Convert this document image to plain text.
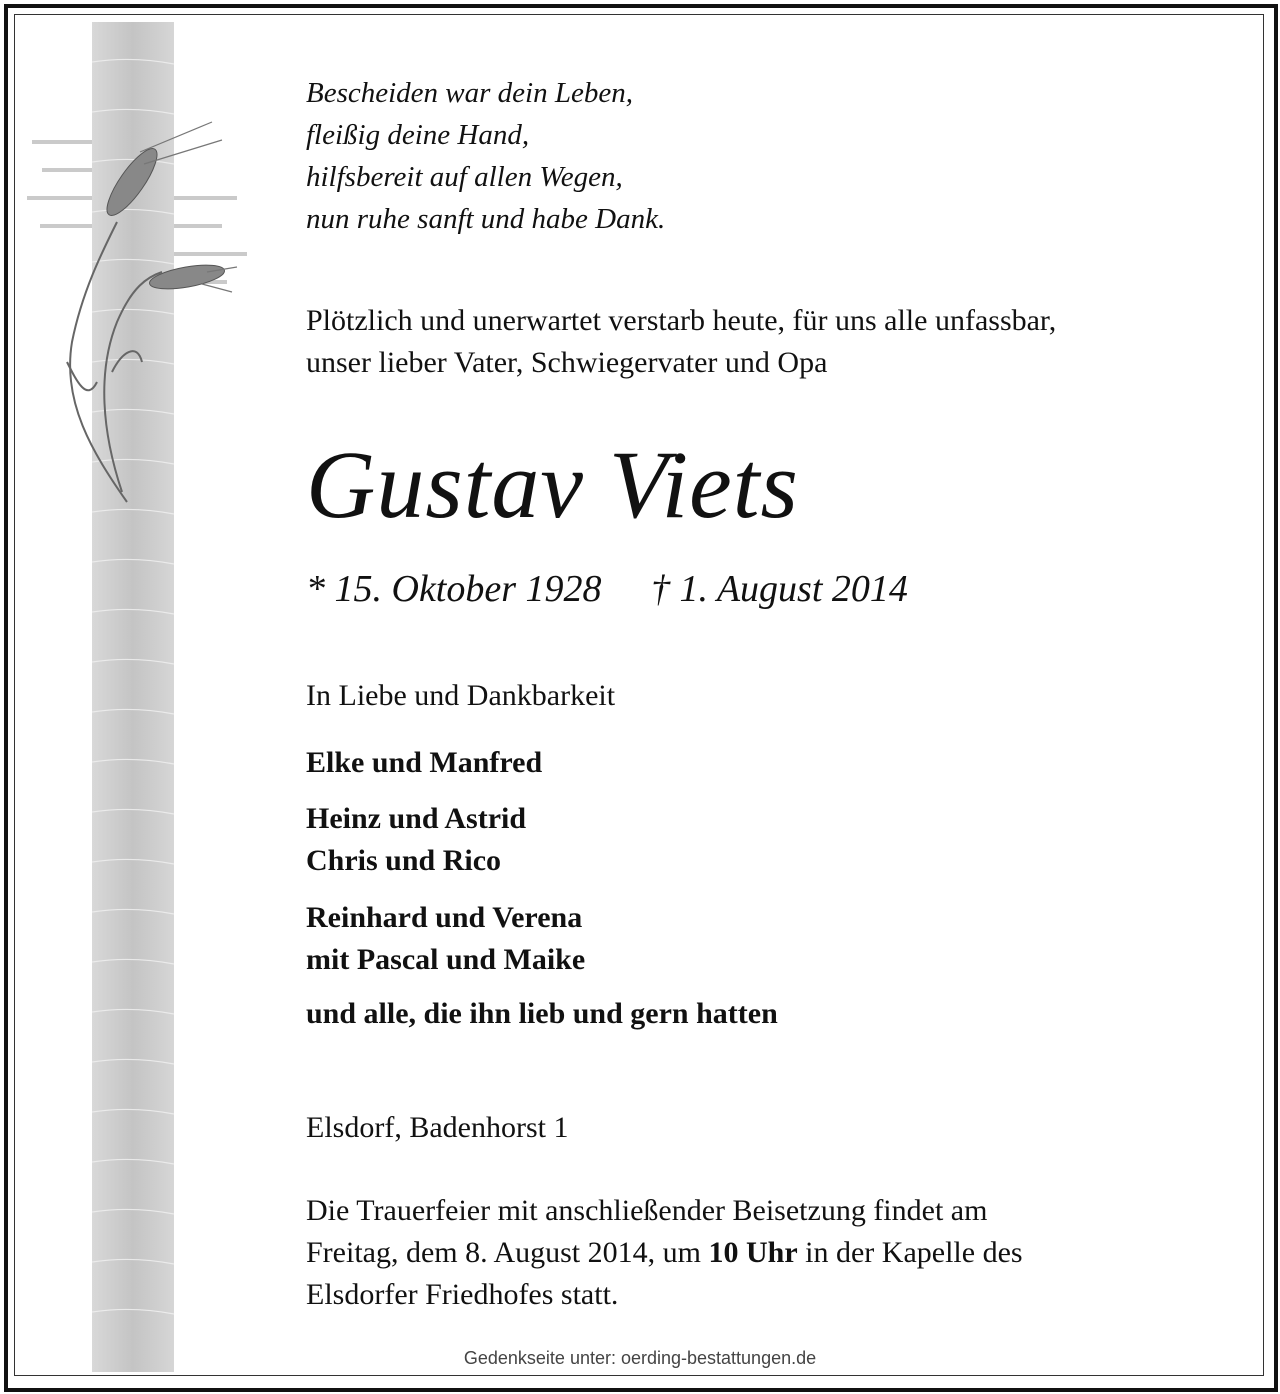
Bescheiden war dein Leben,
fleißig deine Hand,
hilfsbereit auf allen Wegen,
nun ruhe sanft und habe Dank.
Plötzlich und unerwartet verstarb heute, für uns alle unfassbar,
unser lieber Vater, Schwiegervater und Opa
Gustav Viets
* 15. Oktober 1928 † 1. August 2014
In Liebe und Dankbarkeit
Elke und Manfred
Heinz und Astrid
Chris und Rico
Reinhard und Verena
mit Pascal und Maike
und alle, die ihn lieb und gern hatten
Elsdorf, Badenhorst 1
Die Trauerfeier mit anschließender Beisetzung findet am
Freitag, dem 8. August 2014, um 10 Uhr in der Kapelle des
Elsdorfer Friedhofes statt.
Gedenkseite unter: oerding-bestattungen.de
